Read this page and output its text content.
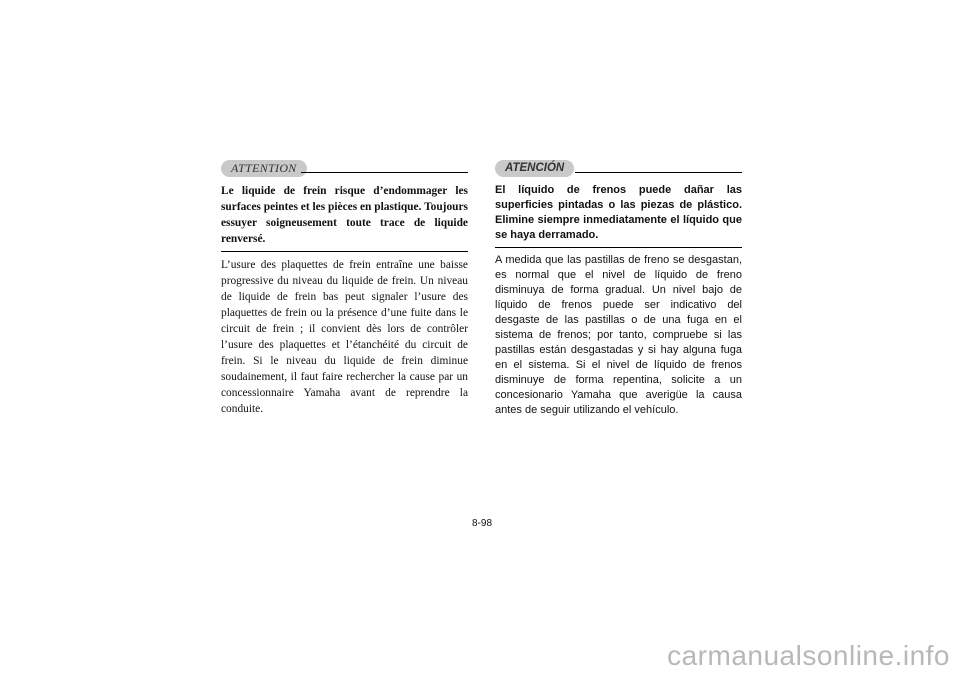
ATTENTION

Le liquide de frein risque d’endommager les surfaces peintes et les pièces en plastique. Toujours essuyer soigneusement toute trace de liquide renversé.

L’usure des plaquettes de frein entraîne une baisse progressive du niveau du liquide de frein. Un niveau de liquide de frein bas peut signaler l’usure des plaquettes de frein ou la présence d’une fuite dans le circuit de frein ; il convient dès lors de contrôler l’usure des plaquettes et l’étanchéité du circuit de frein. Si le niveau du liquide de frein diminue soudainement, il faut faire rechercher la cause par un concessionnaire Yamaha avant de reprendre la conduite.

ATENCIÓN

El líquido de frenos puede dañar las superficies pintadas o las piezas de plástico. Elimine siempre inmediatamente el líquido que se haya derramado.

A medida que las pastillas de freno se desgastan, es normal que el nivel de líquido de freno disminuya de forma gradual. Un nivel bajo de líquido de frenos puede ser indicativo del desgaste de las pastillas o de una fuga en el sistema de frenos; por tanto, compruebe si las pastillas están desgastadas y si hay alguna fuga en el sistema. Si el nivel de líquido de frenos disminuye de forma repentina, solicite a un concesionario Yamaha que averigüe la causa antes de seguir utilizando el vehículo.

8-98
carmanualsonline.info
